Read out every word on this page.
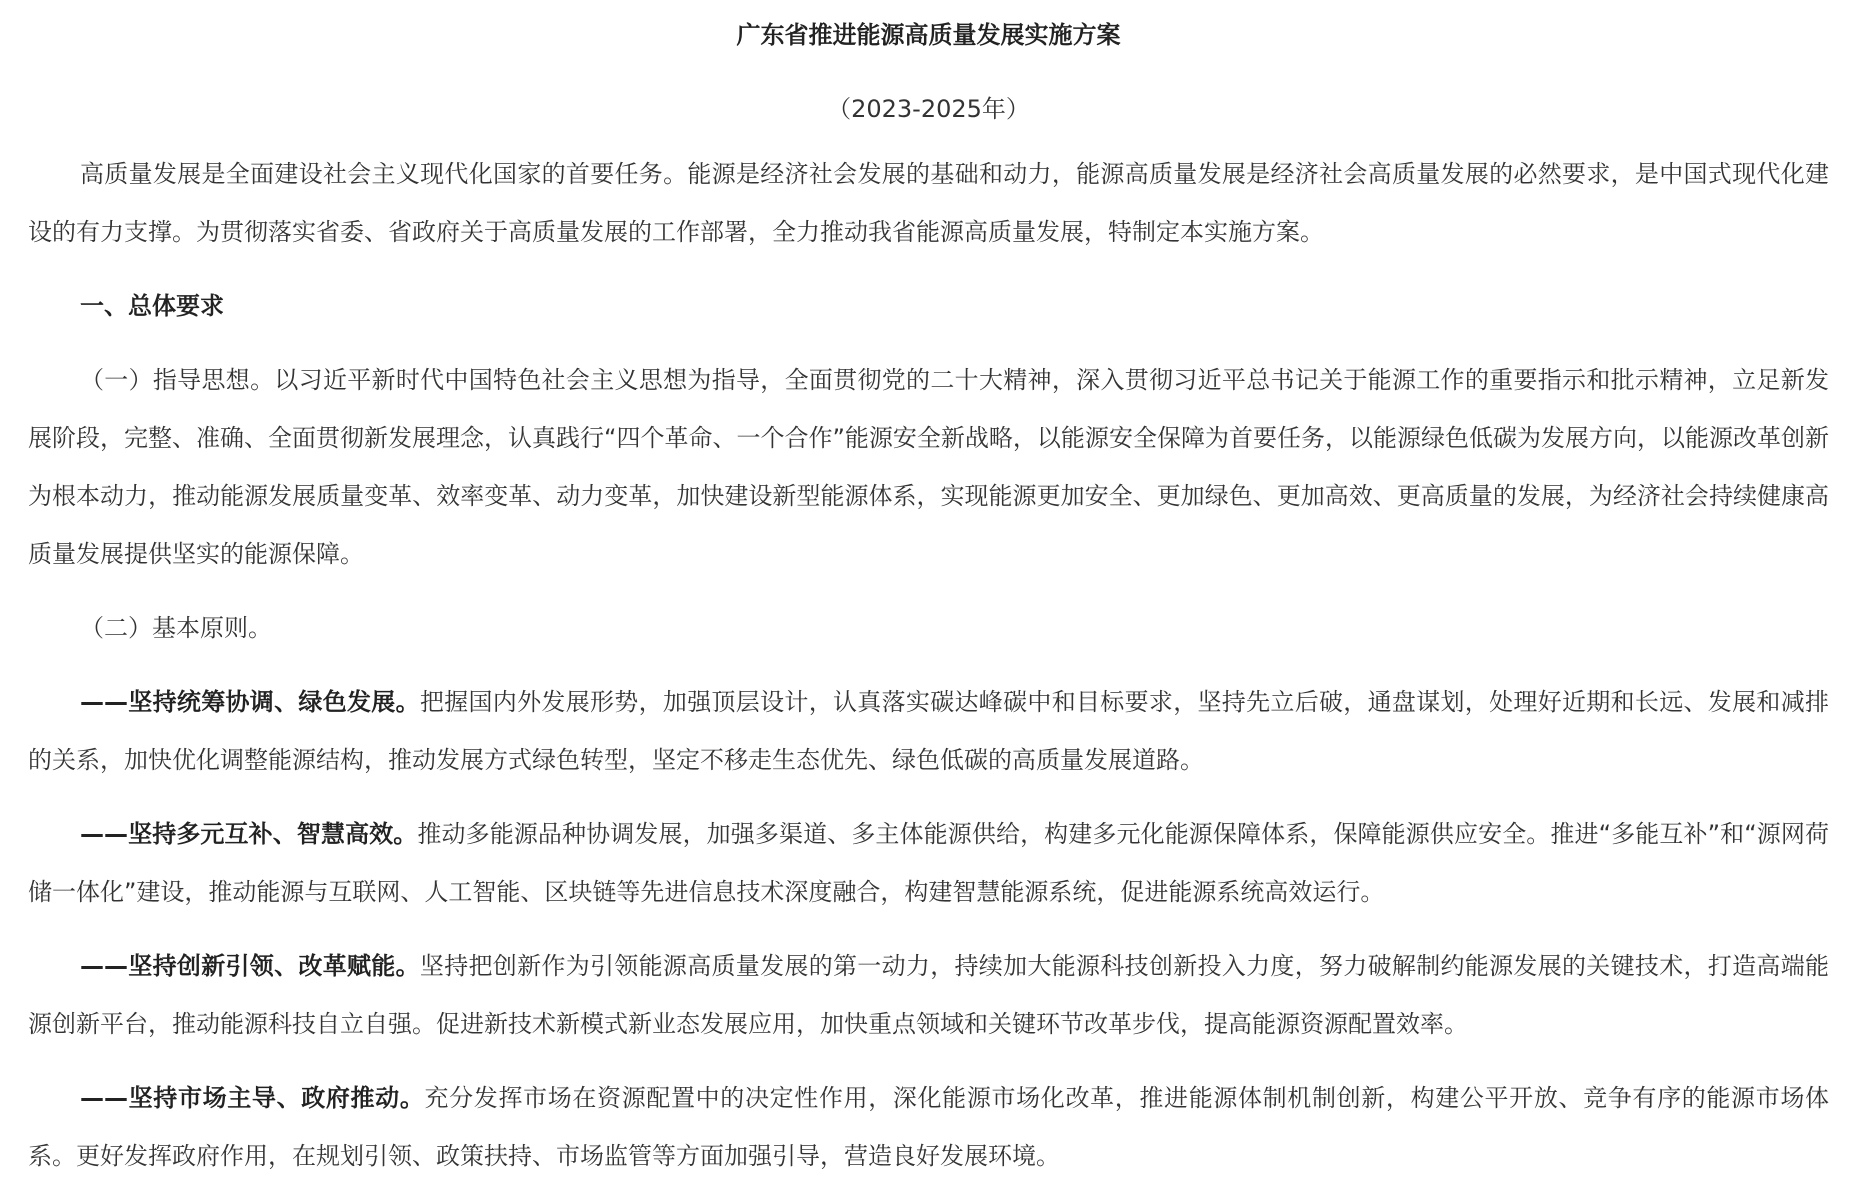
广东省推进能源高质量发展实施方案

（2023-2025年）

高质量发展是全面建设社会主义现代化国家的首要任务。能源是经济社会发展的基础和动力，能源高质量发展是经济社会高质量发展的必然要求，是中国式现代化建设的有力支撑。为贯彻落实省委、省政府关于高质量发展的工作部署，全力推动我省能源高质量发展，特制定本实施方案。

一、总体要求

（一）指导思想。以习近平新时代中国特色社会主义思想为指导，全面贯彻党的二十大精神，深入贯彻习近平总书记关于能源工作的重要指示和批示精神，立足新发展阶段，完整、准确、全面贯彻新发展理念，认真践行“四个革命、一个合作”能源安全新战略，以能源安全保障为首要任务，以能源绿色低碳为发展方向，以能源改革创新为根本动力，推动能源发展质量变革、效率变革、动力变革，加快建设新型能源体系，实现能源更加安全、更加绿色、更加高效、更高质量的发展，为经济社会持续健康高质量发展提供坚实的能源保障。

（二）基本原则。

——坚持统筹协调、绿色发展。把握国内外发展形势，加强顶层设计，认真落实碳达峰碳中和目标要求，坚持先立后破，通盘谋划，处理好近期和长远、发展和减排的关系，加快优化调整能源结构，推动发展方式绿色转型，坚定不移走生态优先、绿色低碳的高质量发展道路。

——坚持多元互补、智慧高效。推动多能源品种协调发展，加强多渠道、多主体能源供给，构建多元化能源保障体系，保障能源供应安全。推进“多能互补”和“源网荷储一体化”建设，推动能源与互联网、人工智能、区块链等先进信息技术深度融合，构建智慧能源系统，促进能源系统高效运行。

——坚持创新引领、改革赋能。坚持把创新作为引领能源高质量发展的第一动力，持续加大能源科技创新投入力度，努力破解制约能源发展的关键技术，打造高端能源创新平台，推动能源科技自立自强。促进新技术新模式新业态发展应用，加快重点领域和关键环节改革步伐，提高能源资源配置效率。

——坚持市场主导、政府推动。充分发挥市场在资源配置中的决定性作用，深化能源市场化改革，推进能源体制机制创新，构建公平开放、竞争有序的能源市场体系。更好发挥政府作用，在规划引领、政策扶持、市场监管等方面加强引导，营造良好发展环境。
